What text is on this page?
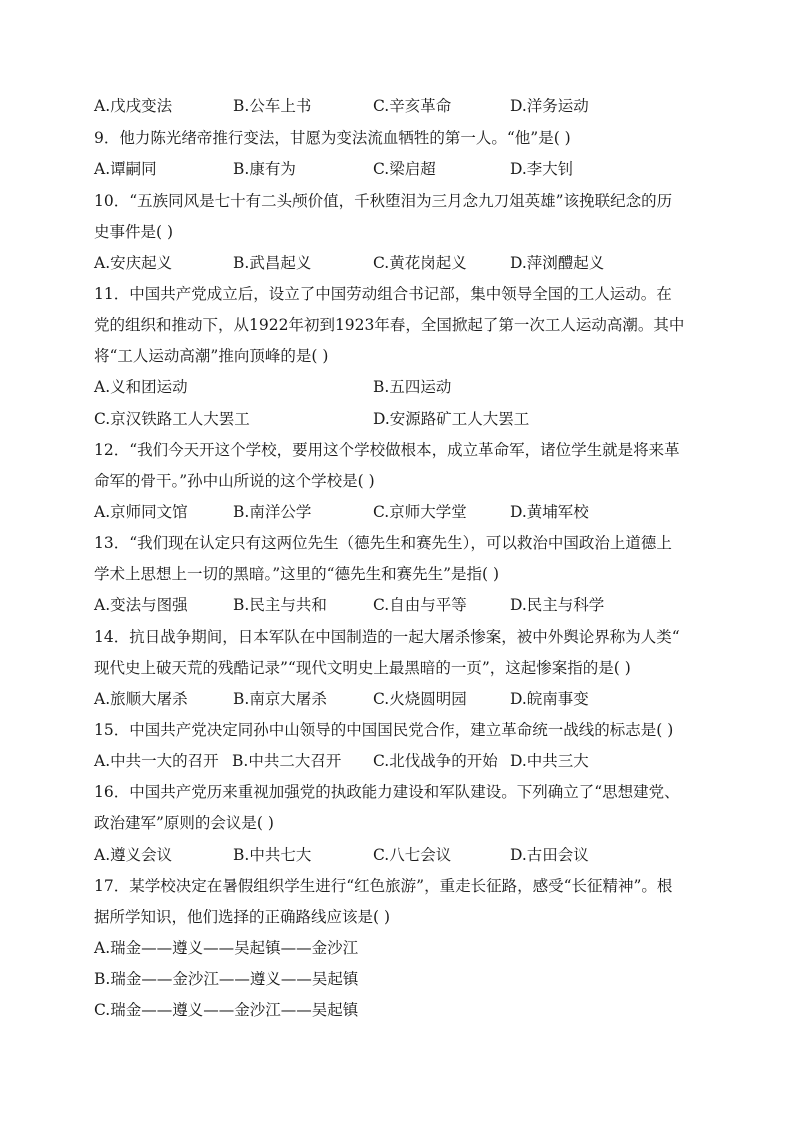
A.戊戌变法	B.公车上书	C.辛亥革命	D.洋务运动
9．他力陈光绪帝推行变法，甘愿为变法流血牺牲的第一人。“他”是( )
A.谭嗣同	B.康有为	C.梁启超	D.李大钊
10．“五族同风是七十有二头颅价值，千秋堕泪为三月念九刀俎英雄”该挽联纪念的历
史事件是( )
A.安庆起义	B.武昌起义	C.黄花岗起义	D.萍浏醴起义
11．中国共产党成立后，设立了中国劳动组合书记部，集中领导全国的工人运动。在
党的组织和推动下，从1922年初到1923年春，全国掀起了第一次工人运动高潮。其中
将“工人运动高潮”推向顶峰的是( )
A.义和团运动	B.五四运动
C.京汉铁路工人大罢工	D.安源路矿工人大罢工
12．“我们今天开这个学校，要用这个学校做根本，成立革命军，诸位学生就是将来革
命军的骨干。”孙中山所说的这个学校是( )
A.京师同文馆	B.南洋公学	C.京师大学堂	D.黄埔军校
13．“我们现在认定只有这两位先生（德先生和赛先生），可以救治中国政治上道德上
学术上思想上一切的黑暗。”这里的“德先生和赛先生”是指( )
A.变法与图强	B.民主与共和	C.自由与平等	D.民主与科学
14．抗日战争期间，日本军队在中国制造的一起大屠杀惨案，被中外舆论界称为人类“
现代史上破天荒的残酷记录”“现代文明史上最黑暗的一页”，这起惨案指的是( )
A.旅顺大屠杀	B.南京大屠杀	C.火烧圆明园	D.皖南事变
15．中国共产党决定同孙中山领导的中国国民党合作，建立革命统一战线的标志是( )
A.中共一大的召开 B.中共二大召开 C.北伐战争的开始 D.中共三大
16．中国共产党历来重视加强党的执政能力建设和军队建设。下列确立了“思想建党、
政治建军”原则的会议是( )
A.遵义会议	B.中共七大	C.八七会议	D.古田会议
17．某学校决定在暑假组织学生进行“红色旅游”，重走长征路，感受“长征精神”。根
据所学知识，他们选择的正确路线应该是( )
A.瑞金——遵义——吴起镇——金沙江
B.瑞金——金沙江——遵义——吴起镇
C.瑞金——遵义——金沙江——吴起镇
